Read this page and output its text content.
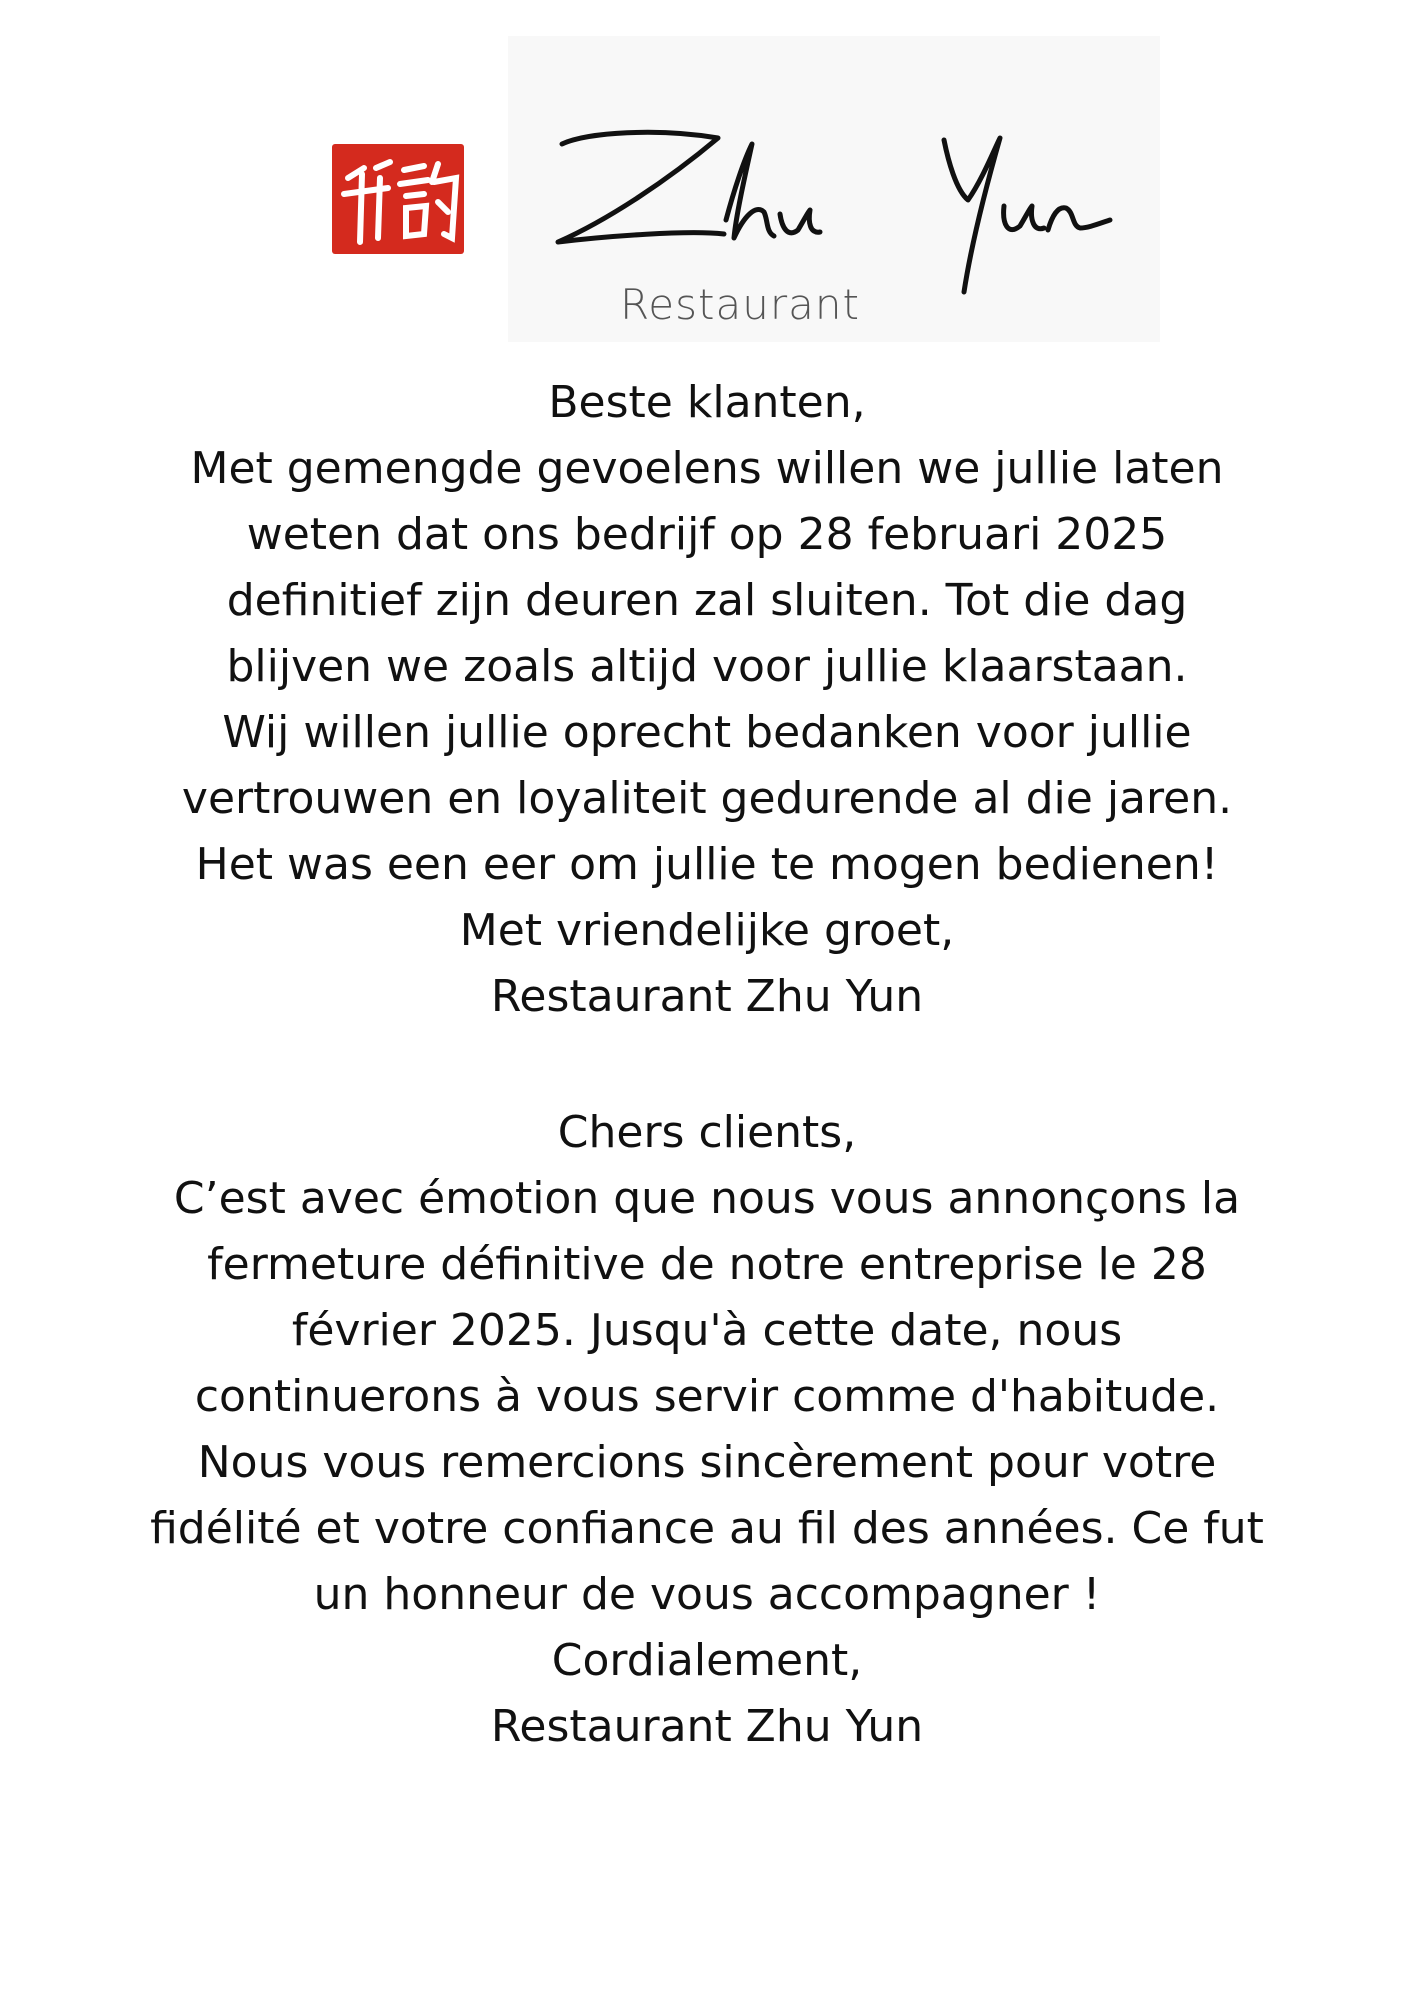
Restaurant

Beste klanten,

Met gemengde gevoelens willen we jullie laten

weten dat ons bedrijf op 28 februari 2025

definitief zijn deuren zal sluiten. Tot die dag

blijven we zoals altijd voor jullie klaarstaan.

Wij willen jullie oprecht bedanken voor jullie

vertrouwen en loyaliteit gedurende al die jaren.

Het was een eer om jullie te mogen bedienen!

Met vriendelijke groet,

Restaurant Zhu Yun

Chers clients,

C’est avec émotion que nous vous annonçons la

fermeture définitive de notre entreprise le 28

février 2025. Jusqu'à cette date, nous

continuerons à vous servir comme d'habitude.

Nous vous remercions sincèrement pour votre

fidélité et votre confiance au fil des années. Ce fut

un honneur de vous accompagner !

Cordialement,

Restaurant Zhu Yun
